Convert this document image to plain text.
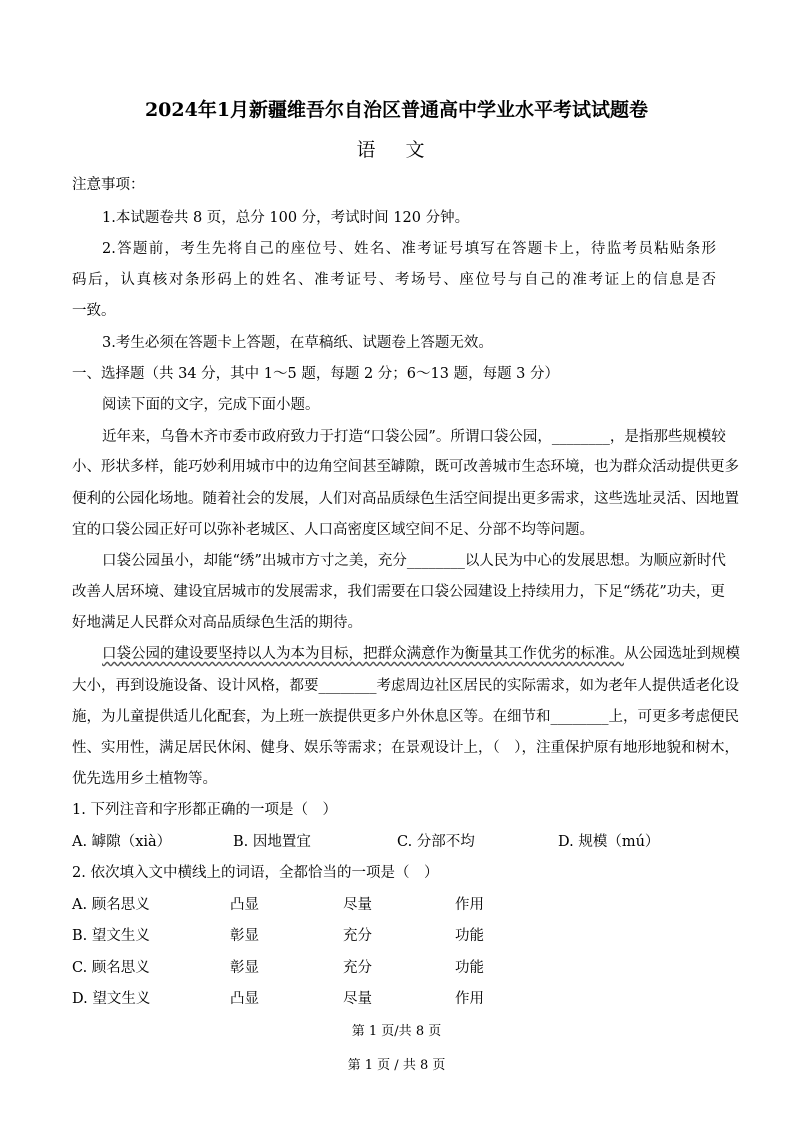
2024年1月新疆维吾尔自治区普通高中学业水平考试试题卷
语 文
注意事项：
1.本试题卷共 8 页，总分 100 分，考试时间 120 分钟。
2.答题前，考生先将自己的座位号、姓名、准考证号填写在答题卡上，待监考员粘贴条形
码后，认真核对条形码上的姓名、准考证号、考场号、座位号与自己的准考证上的信息是否
一致。
3.考生必须在答题卡上答题，在草稿纸、试题卷上答题无效。
一、选择题（共 34 分，其中 1～5 题，每题 2 分；6～13 题，每题 3 分）
阅读下面的文字，完成下面小题。
近年来，乌鲁木齐市委市政府致力于打造“口袋公园”。所谓口袋公园，________，是指那些规模较
小、形状多样，能巧妙利用城市中的边角空间甚至罅隙，既可改善城市生态环境，也为群众活动提供更多
便利的公园化场地。随着社会的发展，人们对高品质绿色生活空间提出更多需求，这些选址灵活、因地置
宜的口袋公园正好可以弥补老城区、人口高密度区域空间不足、分部不均等问题。
口袋公园虽小，却能“绣”出城市方寸之美，充分________以人民为中心的发展思想。为顺应新时代
改善人居环境、建设宜居城市的发展需求，我们需要在口袋公园建设上持续用力，下足“绣花”功夫，更
好地满足人民群众对高品质绿色生活的期待。
口袋公园的建设要坚持以人为本为目标，把群众满意作为衡量其工作优劣的标准。 从公园选址到规模
大小，再到设施设备、设计风格，都要________考虑周边社区居民的实际需求，如为老年人提供适老化设
施，为儿童提供适儿化配套，为上班一族提供更多户外休息区等。在细节和________上，可更多考虑便民
性、实用性，满足居民休闲、健身、娱乐等需求；在景观设计上，（　），注重保护原有地形地貌和树木，
优先选用乡土植物等。
1. 下列注音和字形都正确的一项是（　）
A. 罅隙（xià）	B. 因地置宜	C. 分部不均	D. 规模（mú）
2. 依次填入文中横线上的词语，全都恰当的一项是（　）
A. 顾名思义	凸显	尽量	作用
B. 望文生义	彰显	充分	功能
C. 顾名思义	彰显	充分	功能
D. 望文生义	凸显	尽量	作用
第 1 页/共 8 页
第 1 页 / 共 8 页
